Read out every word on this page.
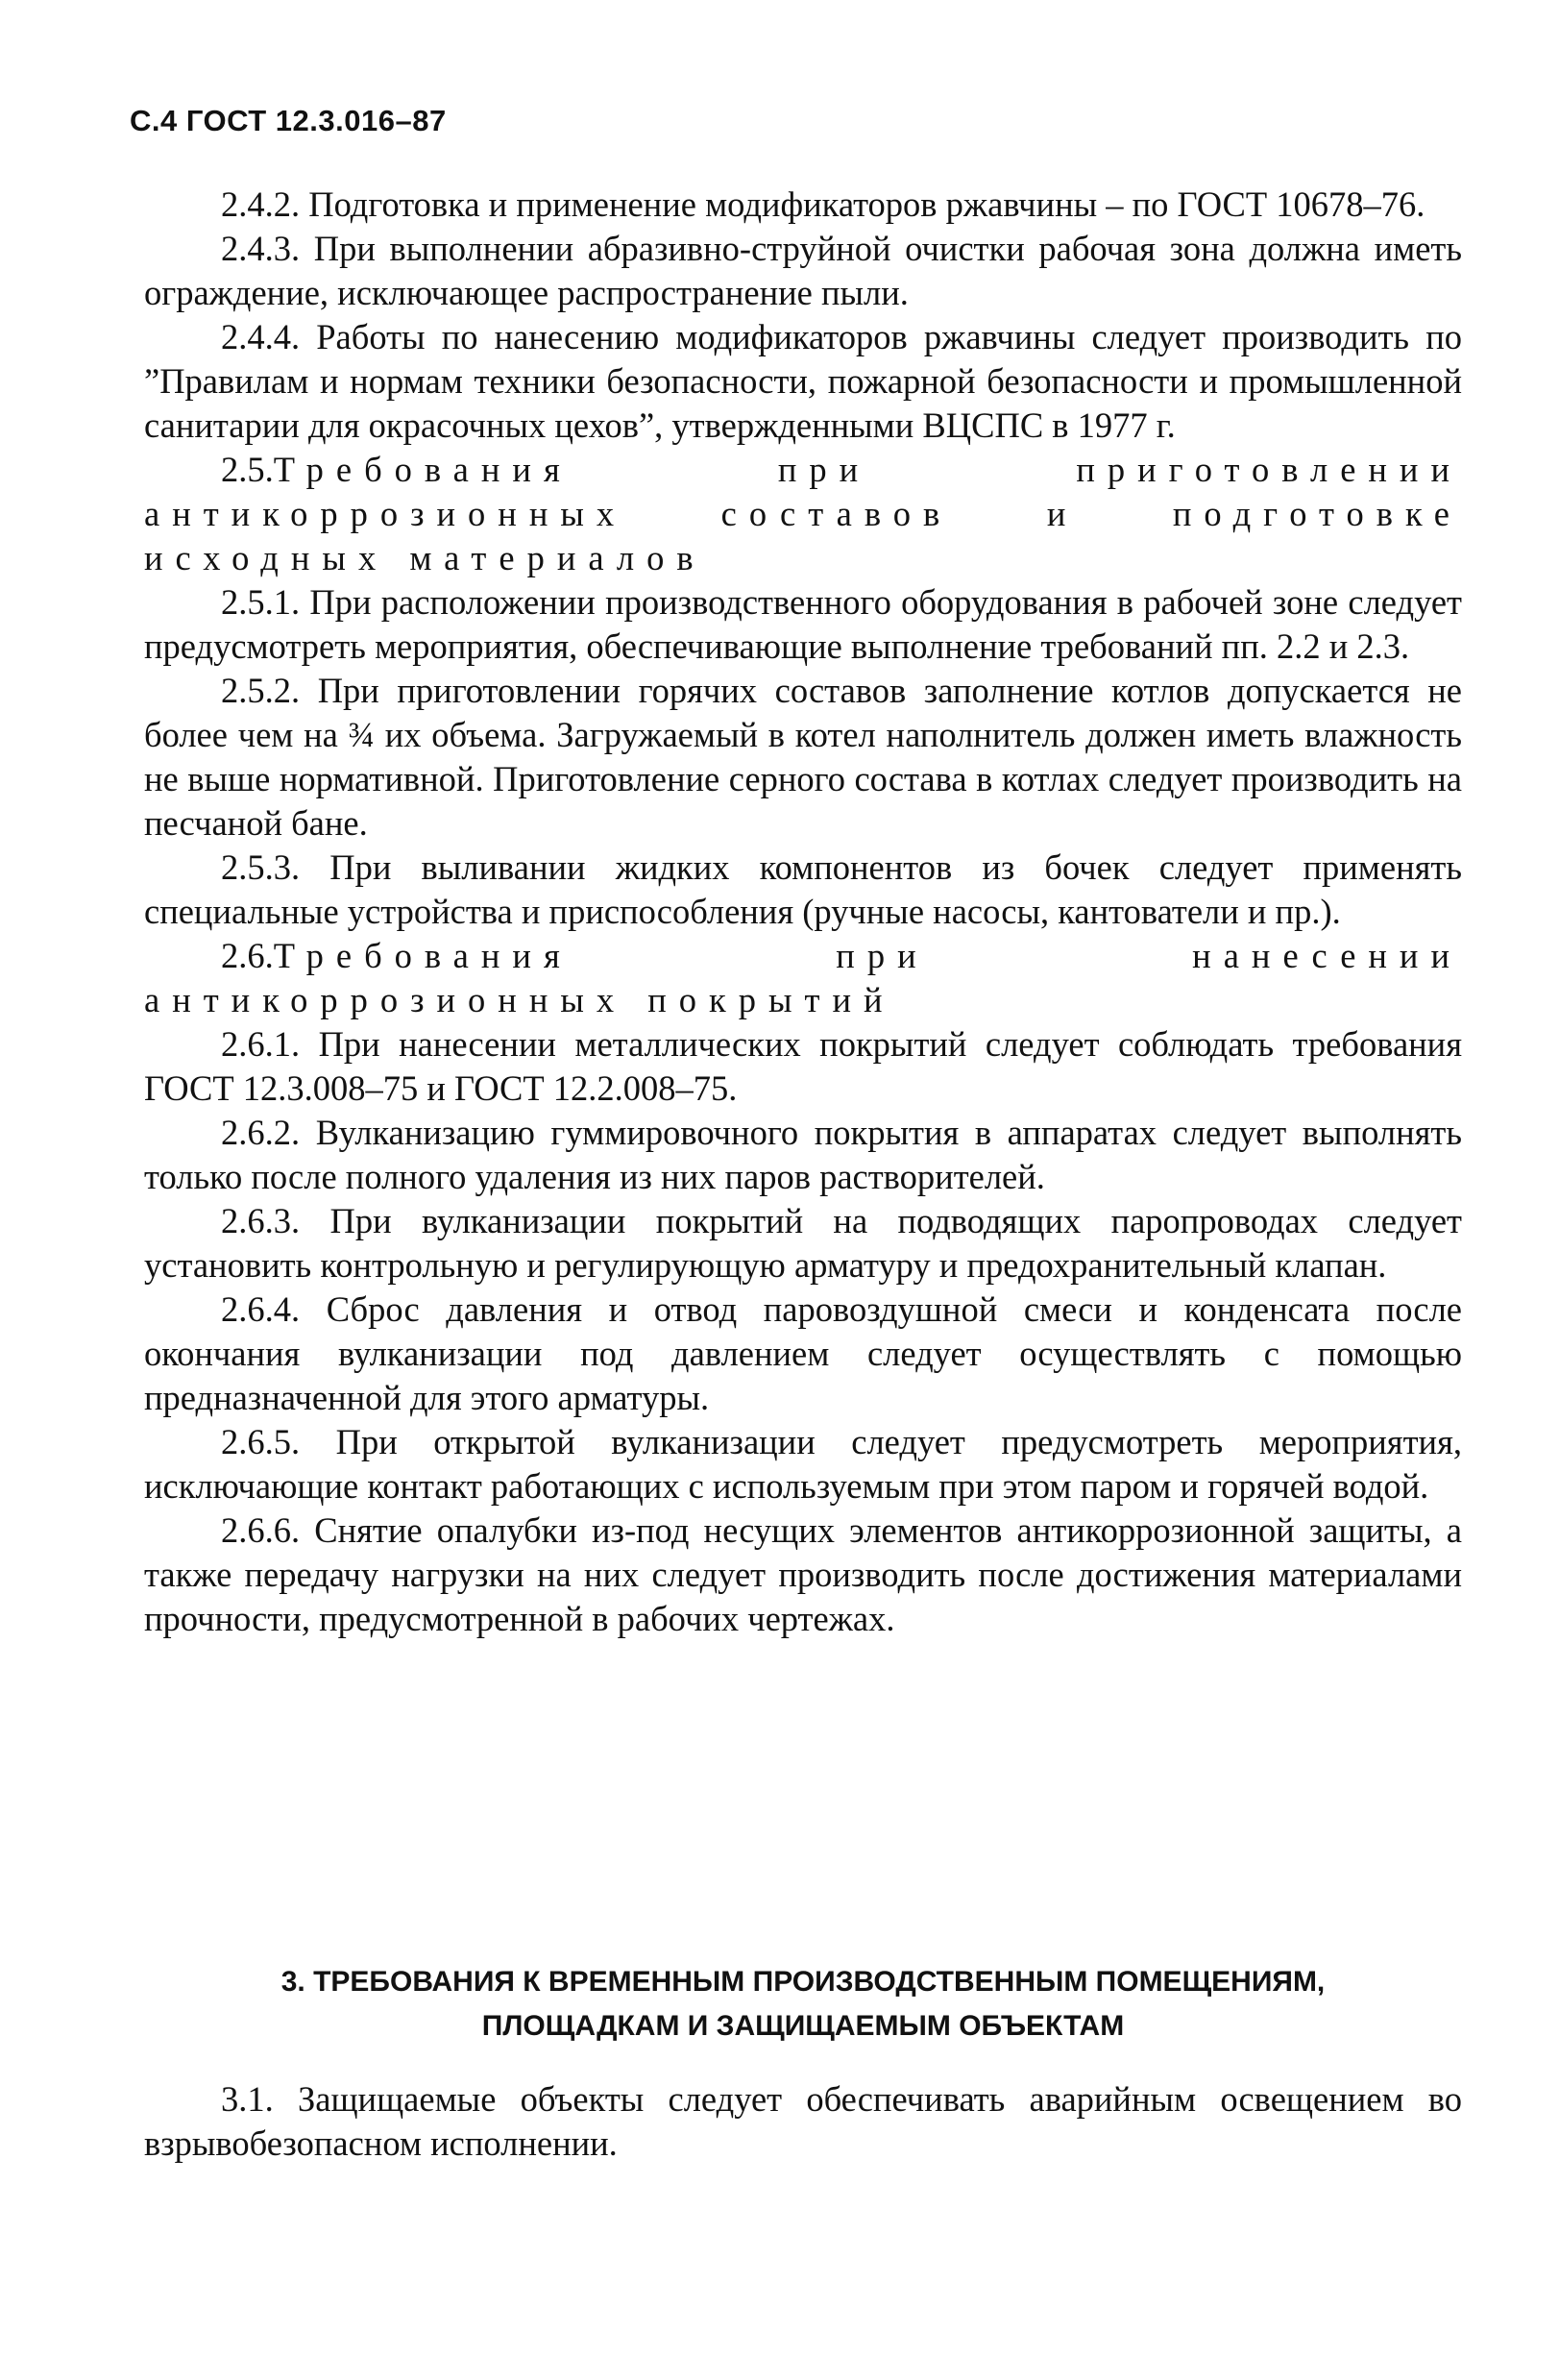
С.4 ГОСТ 12.3.016–87

2.4.2. Подготовка и применение модификаторов ржавчины – по ГОСТ 10678–76.

2.4.3. При выполнении абразивно-струйной очистки рабочая зона должна иметь ограждение, исключающее распространение пыли.

2.4.4. Работы по нанесению модификаторов ржавчины следует производить по ”Правилам и нормам техники безопасности, пожарной безопасности и промышленной санитарии для окрасочных цехов”, утвержденными ВЦСПС в 1977 г.

2.5.Требования при приготовлении антикоррозионных составов и подготовке исходных материалов

2.5.1. При расположении производственного оборудования в рабочей зоне следует предусмотреть мероприятия, обеспечивающие выполнение требований пп. 2.2 и 2.3.

2.5.2. При приготовлении горячих составов заполнение котлов допускается не более чем на ¾ их объема. Загружаемый в котел наполнитель должен иметь влажность не выше нормативной. Приготовление серного состава в котлах следует производить на песчаной бане.

2.5.3. При выливании жидких компонентов из бочек следует применять специальные устройства и приспособления (ручные насосы, кантователи и пр.).

2.6.Требования при нанесении антикоррозионных покрытий

2.6.1. При нанесении металлических покрытий следует соблюдать требования ГОСТ 12.3.008–75 и ГОСТ 12.2.008–75.

2.6.2. Вулканизацию гуммировочного покрытия в аппаратах следует выполнять только после полного удаления из них паров растворителей.

2.6.3. При вулканизации покрытий на подводящих паропроводах следует установить контрольную и регулирующую арматуру и предохранительный клапан.

2.6.4. Сброс давления и отвод паровоздушной смеси и конденсата после окончания вулканизации под давлением следует осуществлять с помощью предназначенной для этого арматуры.

2.6.5. При открытой вулканизации следует предусмотреть мероприятия, исключающие контакт работающих с используемым при этом паром и горячей водой.

2.6.6. Снятие опалубки из-под несущих элементов антикоррозионной защиты, а также передачу нагрузки на них следует производить после достижения материалами прочности, предусмотренной в рабочих чертежах.

3. ТРЕБОВАНИЯ К ВРЕМЕННЫМ ПРОИЗВОДСТВЕННЫМ ПОМЕЩЕНИЯМ,
ПЛОЩАДКАМ И ЗАЩИЩАЕМЫМ ОБЪЕКТАМ

3.1. Защищаемые объекты следует обеспечивать аварийным освещением во взрывобезопасном исполнении.
